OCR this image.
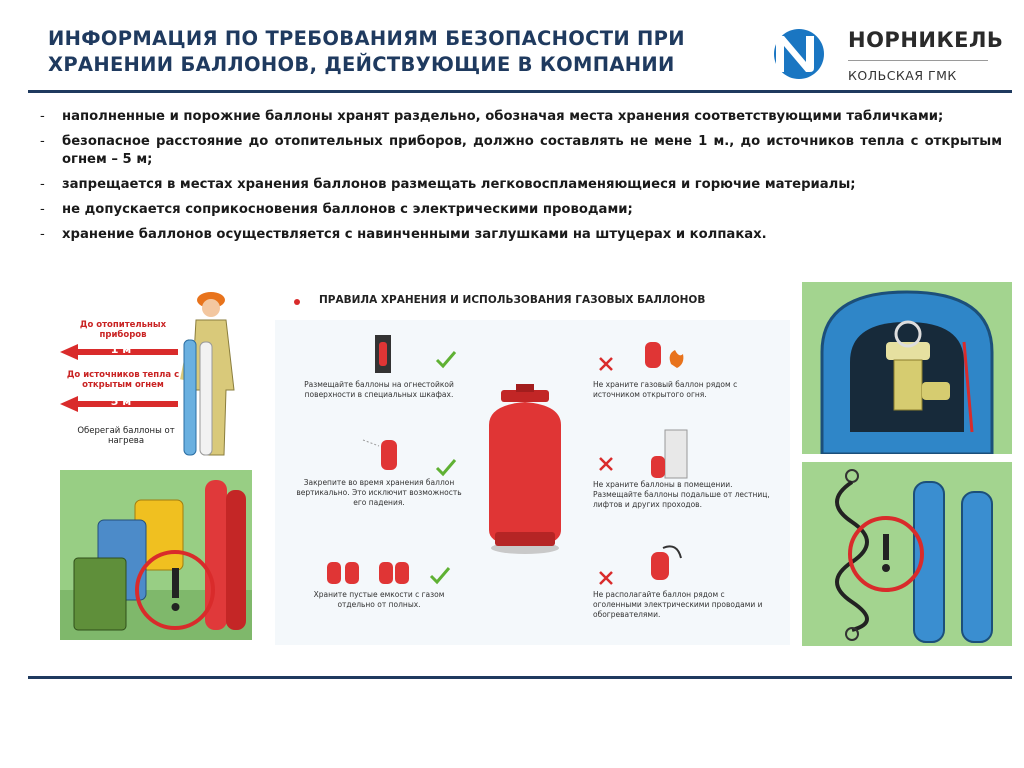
ИНФОРМАЦИЯ ПО ТРЕБОВАНИЯМ БЕЗОПАСНОСТИ ПРИ
ХРАНЕНИИ БАЛЛОНОВ, ДЕЙСТВУЮЩИЕ В КОМПАНИИ
НОРНИКЕЛЬ
КОЛЬСКАЯ ГМК
- наполненные и порожние баллоны хранят раздельно, обозначая места хранения соответствующими табличками;
- безопасное расстояние до отопительных приборов, должно составлять не мене 1 м., до источников тепла с открытым огнем – 5 м;
- запрещается в местах хранения баллонов размещать легковоспламеняющиеся и горючие материалы;
- не допускается соприкосновения баллонов с электрическими проводами;
- хранение баллонов осуществляется с навинченными заглушками на штуцерах и колпаках.
До отопительных приборов
1 м
До источников тепла с открытым огнем
5 м
Оберегай баллоны от нагрева
ПРАВИЛА ХРАНЕНИЯ И ИСПОЛЬЗОВАНИЯ ГАЗОВЫХ БАЛЛОНОВ
Размещайте баллоны на огнестойкой поверхности в специальных шкафах.
Закрепите во время хранения баллон вертикально. Это исключит возможность его падения.
Храните пустые емкости с газом отдельно от полных.
Не храните газовый баллон рядом с источником открытого огня.
Не храните баллоны в помещении. Размещайте баллоны подальше от лестниц, лифтов и других проходов.
Не располагайте баллон рядом с оголенными электрическими проводами и обогревателями.
